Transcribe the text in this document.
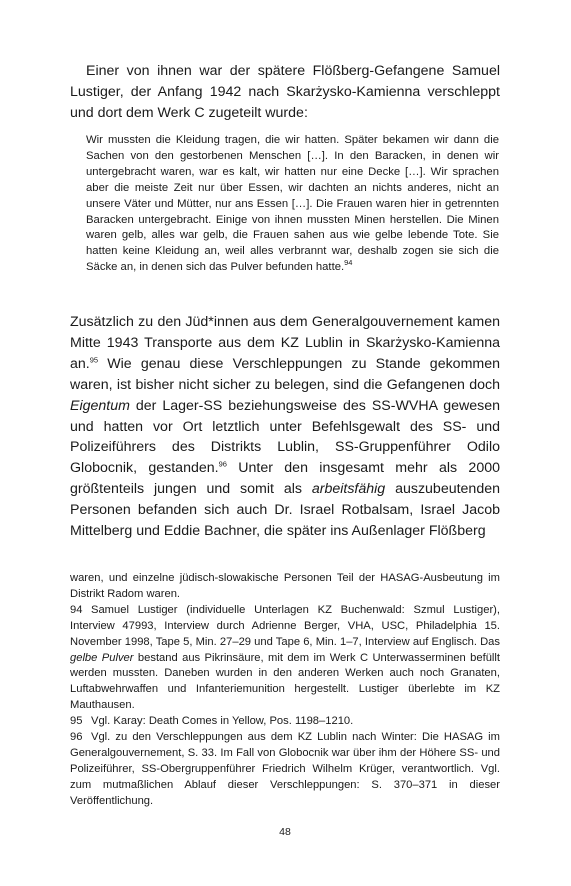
Einer von ihnen war der spätere Flößberg-Gefangene Samuel Lustiger, der Anfang 1942 nach Skarżysko-Kamienna verschleppt und dort dem Werk C zugeteilt wurde:

Wir mussten die Kleidung tragen, die wir hatten. Später bekamen wir dann die Sachen von den gestorbenen Menschen […]. In den Baracken, in denen wir untergebracht waren, war es kalt, wir hatten nur eine Decke […]. Wir sprachen aber die meiste Zeit nur über Essen, wir dachten an nichts anderes, nicht an unsere Väter und Mütter, nur ans Essen […]. Die Frauen waren hier in getrennten Baracken untergebracht. Einige von ihnen mussten Minen herstellen. Die Minen waren gelb, alles war gelb, die Frauen sahen aus wie gelbe lebende Tote. Sie hatten keine Kleidung an, weil alles verbrannt war, deshalb zogen sie sich die Säcke an, in denen sich das Pulver befunden hatte.$^{94}$

Zusätzlich zu den Jüd*innen aus dem Generalgouvernement kamen Mitte 1943 Transporte aus dem KZ Lublin in Skarżysko-Kamienna an.$^{95}$ Wie genau diese Verschleppungen zu Stande gekommen waren, ist bisher nicht sicher zu belegen, sind die Gefangenen doch Eigentum der Lager-SS beziehungsweise des SS-WVHA gewesen und hatten vor Ort letztlich unter Befehlsgewalt des SS- und Polizeiführers des Distrikts Lublin, SS-Gruppenführer Odilo Globocnik, gestanden.$^{96}$ Unter den insgesamt mehr als 2000 größtenteils jungen und somit als arbeitsfähig auszubeutenden Personen befanden sich auch Dr. Israel Rotbalsam, Israel Jacob Mittelberg und Eddie Bachner, die später ins Außenlager Flößberg

waren, und einzelne jüdisch-slowakische Personen Teil der HASAG-Ausbeutung im Distrikt Radom waren.

94 Samuel Lustiger (individuelle Unterlagen KZ Buchenwald: Szmul Lustiger), Interview 47993, Interview durch Adrienne Berger, VHA, USC, Philadelphia 15. November 1998, Tape 5, Min. 27–29 und Tape 6, Min. 1–7, Interview auf Englisch. Das gelbe Pulver bestand aus Pikrinsäure, mit dem im Werk C Unterwasserminen befüllt werden mussten. Daneben wurden in den anderen Werken auch noch Granaten, Luftabwehrwaffen und Infanteriemunition hergestellt. Lustiger überlebte im KZ Mauthausen.

95 Vgl. Karay: Death Comes in Yellow, Pos. 1198–1210.

96 Vgl. zu den Verschleppungen aus dem KZ Lublin nach Winter: Die HASAG im Generalgouvernement, S. 33. Im Fall von Globocnik war über ihm der Höhere SS- und Polizeiführer, SS-Obergruppenführer Friedrich Wilhelm Krüger, verantwortlich. Vgl. zum mutmaßlichen Ablauf dieser Verschleppungen: S. 370–371 in dieser Veröffentlichung.

48
